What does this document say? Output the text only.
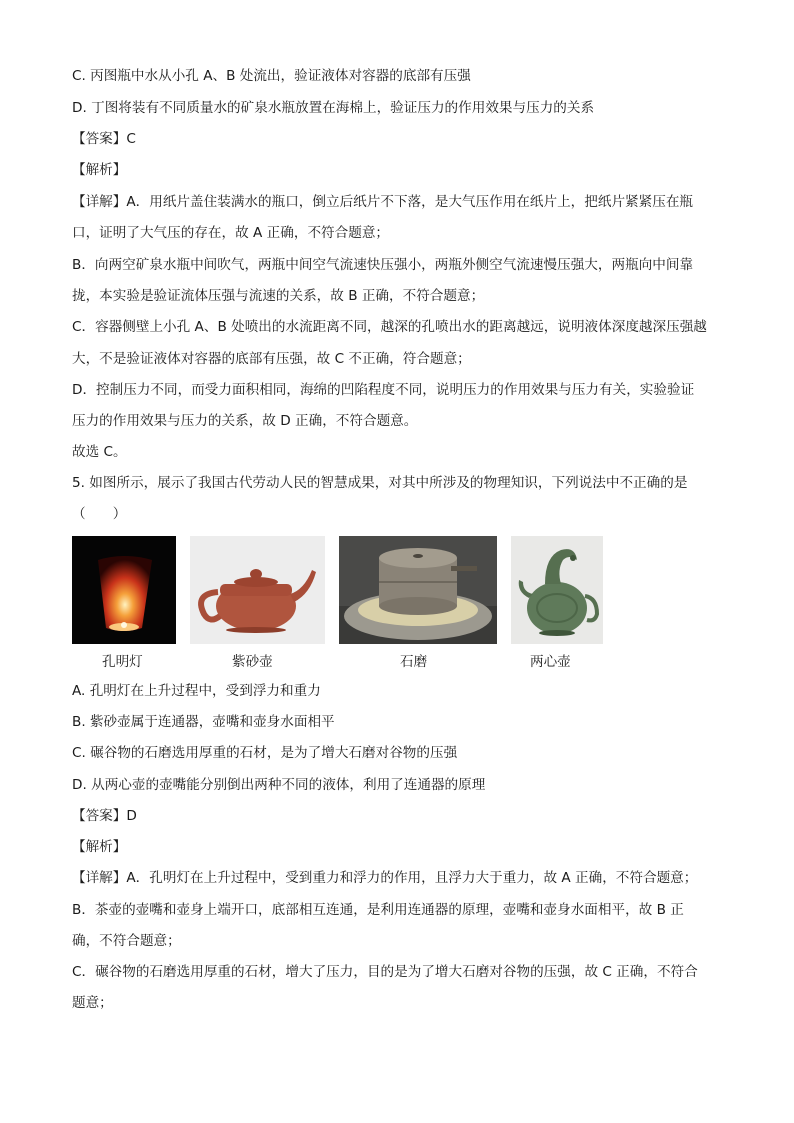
C. 丙图瓶中水从小孔 A、B 处流出，验证液体对容器的底部有压强
D. 丁图将装有不同质量水的矿泉水瓶放置在海棉上，验证压力的作用效果与压力的关系
【答案】C
【解析】
【详解】A．用纸片盖住装满水的瓶口，倒立后纸片不下落，是大气压作用在纸片上，把纸片紧紧压在瓶
口，证明了大气压的存在，故 A 正确，不符合题意；
B．向两空矿泉水瓶中间吹气，两瓶中间空气流速快压强小，两瓶外侧空气流速慢压强大，两瓶向中间靠
拢，本实验是验证流体压强与流速的关系，故 B 正确，不符合题意；
C．容器侧壁上小孔 A、B 处喷出的水流距离不同，越深的孔喷出水的距离越远，说明液体深度越深压强越
大，不是验证液体对容器的底部有压强，故 C 不正确，符合题意；
D．控制压力不同，而受力面积相同，海绵的凹陷程度不同，说明压力的作用效果与压力有关，实验验证
压力的作用效果与压力的关系，故 D 正确，不符合题意。
故选 C。
5. 如图所示，展示了我国古代劳动人民的智慧成果，对其中所涉及的物理知识，下列说法中不正确的是
（　　）
孔明灯	紫砂壶	石磨	两心壶
A. 孔明灯在上升过程中，受到浮力和重力
B. 紫砂壶属于连通器，壶嘴和壶身水面相平
C. 碾谷物的石磨选用厚重的石材，是为了增大石磨对谷物的压强
D. 从两心壶的壶嘴能分别倒出两种不同的液体，利用了连通器的原理
【答案】D
【解析】
【详解】A．孔明灯在上升过程中，受到重力和浮力的作用，且浮力大于重力，故 A 正确，不符合题意；
B．茶壶的壶嘴和壶身上端开口，底部相互连通，是利用连通器的原理，壶嘴和壶身水面相平，故 B 正
确，不符合题意；
C．碾谷物的石磨选用厚重的石材，增大了压力，目的是为了增大石磨对谷物的压强，故 C 正确，不符合
题意；
